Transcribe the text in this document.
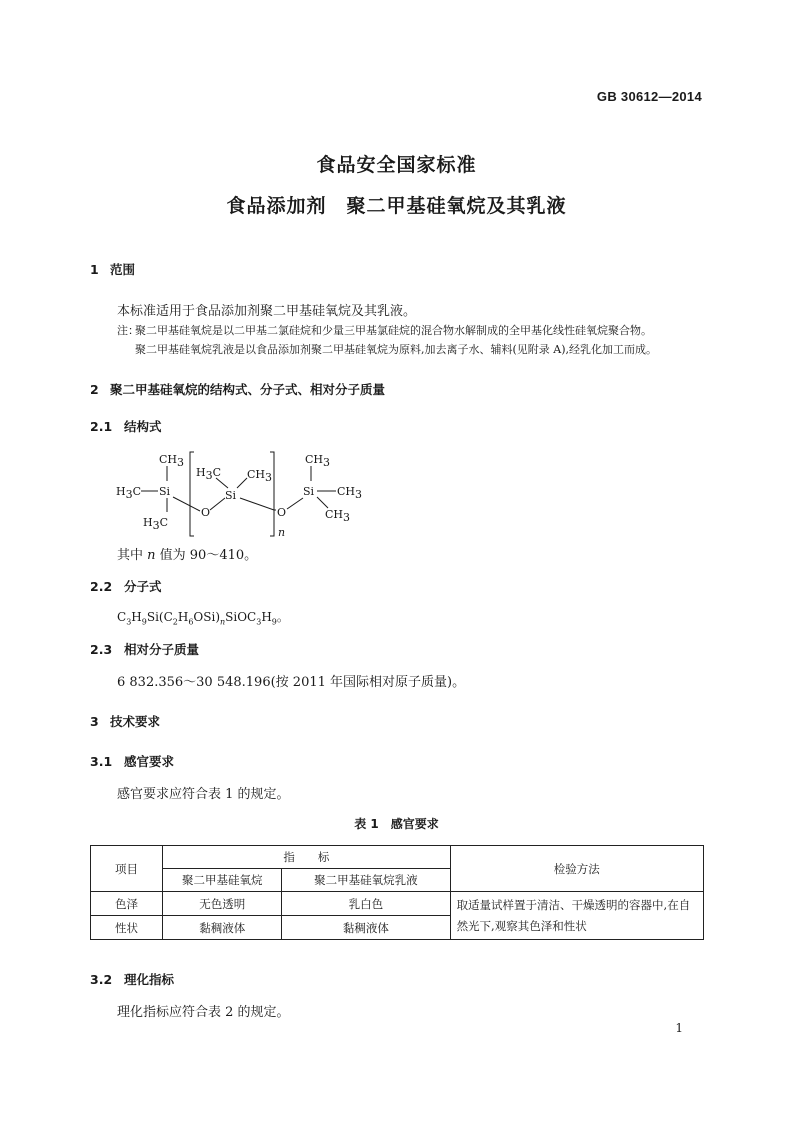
GB 30612—2014
食品安全国家标准
食品添加剂　聚二甲基硅氧烷及其乳液
1 范围
本标准适用于食品添加剂聚二甲基硅氧烷及其乳液。
注：
聚二甲基硅氧烷是以二甲基二氯硅烷和少量三甲基氯硅烷的混合物水解制成的全甲基化线性硅氧烷聚合物。
聚二甲基硅氧烷乳液是以食品添加剂聚二甲基硅氧烷为原料,加去离子水、辅料(见附录 A),经乳化加工而成。
2 聚二甲基硅氧烷的结构式、分子式、相对分子质量
2.1 结构式
CH3
H3C Si
H3C
O
H3C CH3
Si
n
O
Si
CH3
CH3
CH3
其中 n 值为 90～410。
2.2 分子式
$C_3H_9Si(C_2H_6OSi)_nSiOC_3H_9$。
2.3 相对分子质量
6 832.356～30 548.196(按 2011 年国际相对原子质量)。
3 技术要求
3.1 感官要求
感官要求应符合表 1 的规定。
表 1　感官要求
项目	指　　标		检验方法
	聚二甲基硅氧烷	聚二甲基硅氧烷乳液	
色泽	无色透明	乳白色	取适量试样置于清洁、干燥透明的容器中,在自然光下,观察其色泽和性状
性状	黏稠液体	黏稠液体	
3.2 理化指标
理化指标应符合表 2 的规定。
1
